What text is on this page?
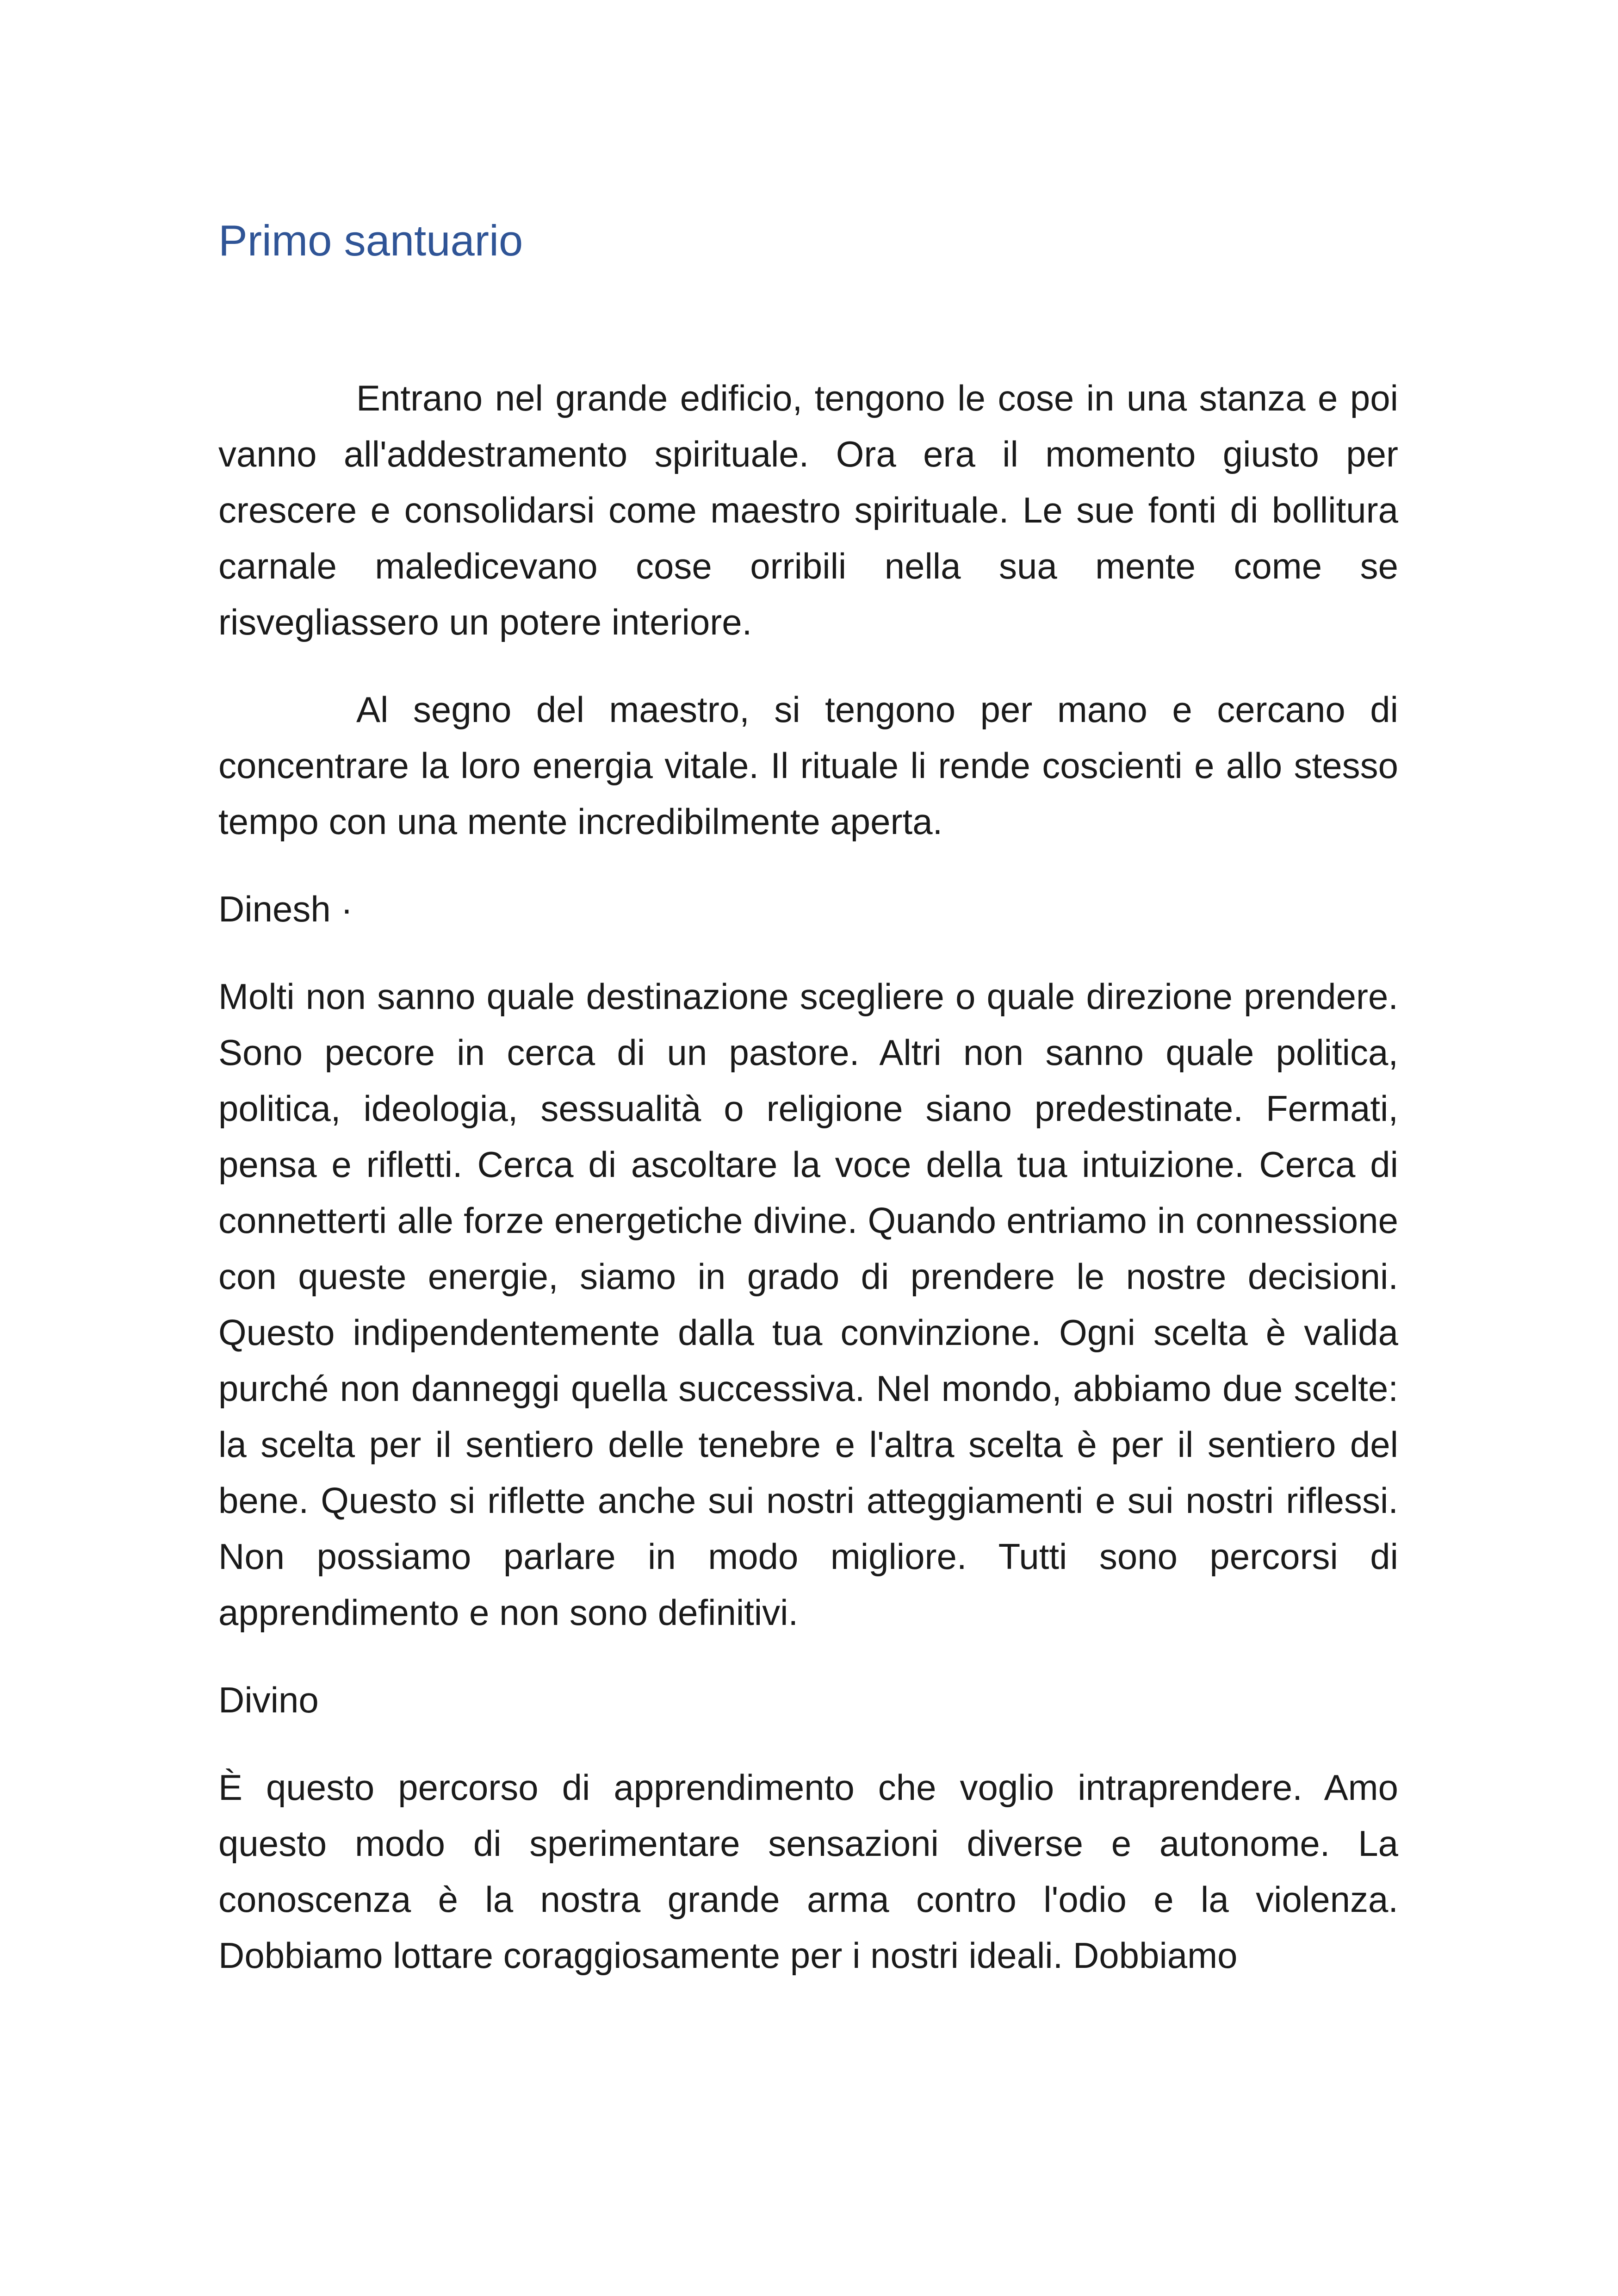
Primo santuario

Entrano nel grande edificio, tengono le cose in una stanza e poi vanno all'addestramento spirituale. Ora era il momento giusto per crescere e consolidarsi come maestro spirituale. Le sue fonti di bollitura carnale maledicevano cose orribili nella sua mente come se risvegliassero un potere interiore.

Al segno del maestro, si tengono per mano e cercano di concentrare la loro energia vitale. Il rituale li rende coscienti e allo stesso tempo con una mente incredibilmente aperta.

Dinesh ·

Molti non sanno quale destinazione scegliere o quale direzione prendere. Sono pecore in cerca di un pastore. Altri non sanno quale politica, politica, ideologia, sessualità o religione siano predestinate. Fermati, pensa e rifletti. Cerca di ascoltare la voce della tua intuizione. Cerca di connetterti alle forze energetiche divine. Quando entriamo in connessione con queste energie, siamo in grado di prendere le nostre decisioni. Questo indipendentemente dalla tua convinzione. Ogni scelta è valida purché non danneggi quella successiva. Nel mondo, abbiamo due scelte: la scelta per il sentiero delle tenebre e l'altra scelta è per il sentiero del bene. Questo si riflette anche sui nostri atteggiamenti e sui nostri riflessi. Non possiamo parlare in modo migliore. Tutti sono percorsi di apprendimento e non sono definitivi.

Divino

È questo percorso di apprendimento che voglio intraprendere. Amo questo modo di sperimentare sensazioni diverse e autonome. La conoscenza è la nostra grande arma contro l'odio e la violenza. Dobbiamo lottare coraggiosamente per i nostri ideali. Dobbiamo
